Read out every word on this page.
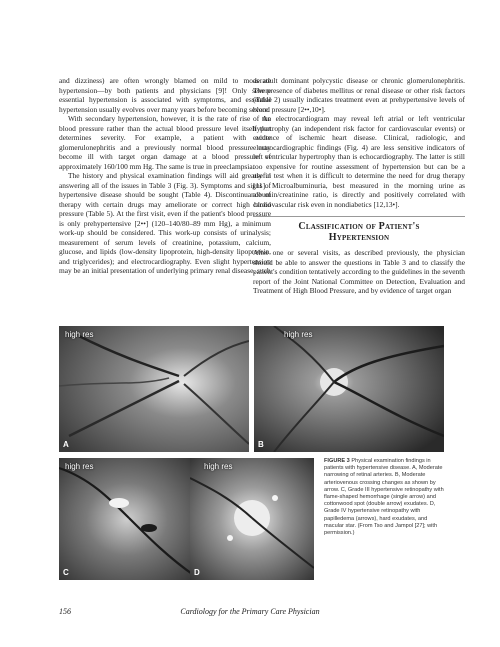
and dizziness) are often wrongly blamed on mild to moderate hypertension—by both patients and physicians [9]! Only severe essential hypertension is associated with symptoms, and essential hypertension usually evolves over many years before becoming severe.

With secondary hypertension, however, it is the rate of rise of the blood pressure rather than the actual blood pressure level itself that determines severity. For example, a patient with acute glomerulonephritis and a previously normal blood pressure may become ill with target organ damage at a blood pressure of approximately 160/100 mm Hg. The same is true in preeclampsia.

The history and physical examination findings will aid greatly in answering all of the issues in Table 3 (Fig. 3). Symptoms and signs of hypertensive disease should be sought (Table 4). Discontinuance of therapy with certain drugs may ameliorate or correct high blood pressure (Table 5). At the first visit, even if the patient's blood pressure is only prehypertensive [2••] (120–140/80–89 mm Hg), a minimum work-up should be considered. This work-up consists of urinalysis; measurement of serum levels of creatinine, potassium, calcium, glucose, and lipids (low-density lipoprotein, high-density lipoprotein, and triglycerides); and electrocardiography. Even slight hypertension may be an initial presentation of underlying primary renal disease, such

as adult dominant polycystic disease or chronic glomerulonephritis. The presence of diabetes mellitus or renal disease or other risk factors (Table 2) usually indicates treatment even at prehypertensive levels of blood pressure [2••,10•].

An electrocardiogram may reveal left atrial or left ventricular hypertrophy (an independent risk factor for cardiovascular events) or evidence of ischemic heart disease. Clinical, radiologic, and electrocardiographic findings (Fig. 4) are less sensitive indicators of left ventricular hypertrophy than is echocardiography. The latter is still too expensive for routine assessment of hypertension but can be a useful test when it is difficult to determine the need for drug therapy [11]. Microalbuminuria, best measured in the morning urine as albumin/creatinine ratio, is directly and positively correlated with cardiovascular risk even in nondiabetics [12,13•].

Classification of Patient's
Hypertension

After one or several visits, as described previously, the physician should be able to answer the questions in Table 3 and to classify the patient's condition tentatively according to the guidelines in the seventh report of the Joint National Committee on Detection, Evaluation and Treatment of High Blood Pressure, and by evidence of target organ

high res
A
high res
B
high res
C
high res
D
FIGURE 3 Physical examination findings in patients with hypertensive disease. A, Moderate narrowing of retinal arteries. B, Moderate arteriovenous crossing changes as shown by arrow. C, Grade III hypertensive retinopathy with flame-shaped hemorrhage (single arrow) and cottonwood spot (double arrow) exudates. D, Grade IV hypertensive retinopathy with papilledema (arrows), hard exudates, and macular star. (From Tso and Jampol [27]; with permission.)
156	Cardiology for the Primary Care Physician
